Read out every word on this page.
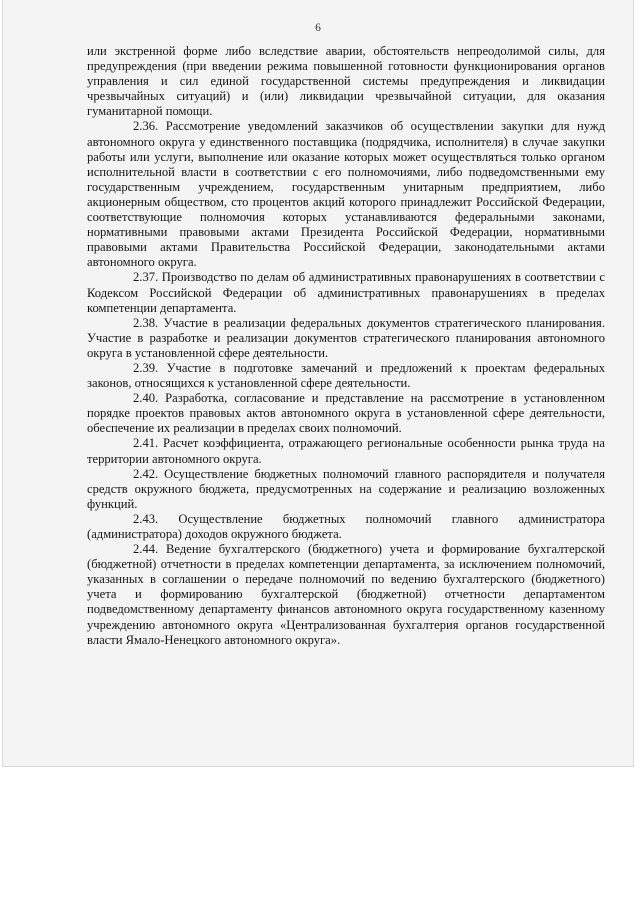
6

или экстренной форме либо вследствие аварии, обстоятельств непреодолимой силы, для предупреждения (при введении режима повышенной готовности функционирования органов управления и сил единой государственной системы предупреждения и ликвидации чрезвычайных ситуаций) и (или) ликвидации чрезвычайной ситуации, для оказания гуманитарной помощи.

2.36. Рассмотрение уведомлений заказчиков об осуществлении закупки для нужд автономного округа у единственного поставщика (подрядчика, исполнителя) в случае закупки работы или услуги, выполнение или оказание которых может осуществляться только органом исполнительной власти в соответствии с его полномочиями, либо подведомственными ему государственным учреждением, государственным унитарным предприятием, либо акционерным обществом, сто процентов акций которого принадлежит Российской Федерации, соответствующие полномочия которых устанавливаются федеральными законами, нормативными правовыми актами Президента Российской Федерации, нормативными правовыми актами Правительства Российской Федерации, законодательными актами автономного округа.

2.37. Производство по делам об административных правонарушениях в соответствии с Кодексом Российской Федерации об административных правонарушениях в пределах компетенции департамента.

2.38. Участие в реализации федеральных документов стратегического планирования. Участие в разработке и реализации документов стратегического планирования автономного округа в установленной сфере деятельности.

2.39. Участие в подготовке замечаний и предложений к проектам федеральных законов, относящихся к установленной сфере деятельности.

2.40. Разработка, согласование и представление на рассмотрение в установленном порядке проектов правовых актов автономного округа в установленной сфере деятельности, обеспечение их реализации в пределах своих полномочий.

2.41. Расчет коэффициента, отражающего региональные особенности рынка труда на территории автономного округа.

2.42. Осуществление бюджетных полномочий главного распорядителя и получателя средств окружного бюджета, предусмотренных на содержание и реализацию возложенных функций.

2.43. Осуществление бюджетных полномочий главного администратора (администратора) доходов окружного бюджета.

2.44. Ведение бухгалтерского (бюджетного) учета и формирование бухгалтерской (бюджетной) отчетности в пределах компетенции департамента, за исключением полномочий, указанных в соглашении о передаче полномочий по ведению бухгалтерского (бюджетного) учета и формированию бухгалтерской (бюджетной) отчетности департаментом подведомственному департаменту финансов автономного округа государственному казенному учреждению автономного округа «Централизованная бухгалтерия органов государственной власти Ямало-Ненецкого автономного округа».
